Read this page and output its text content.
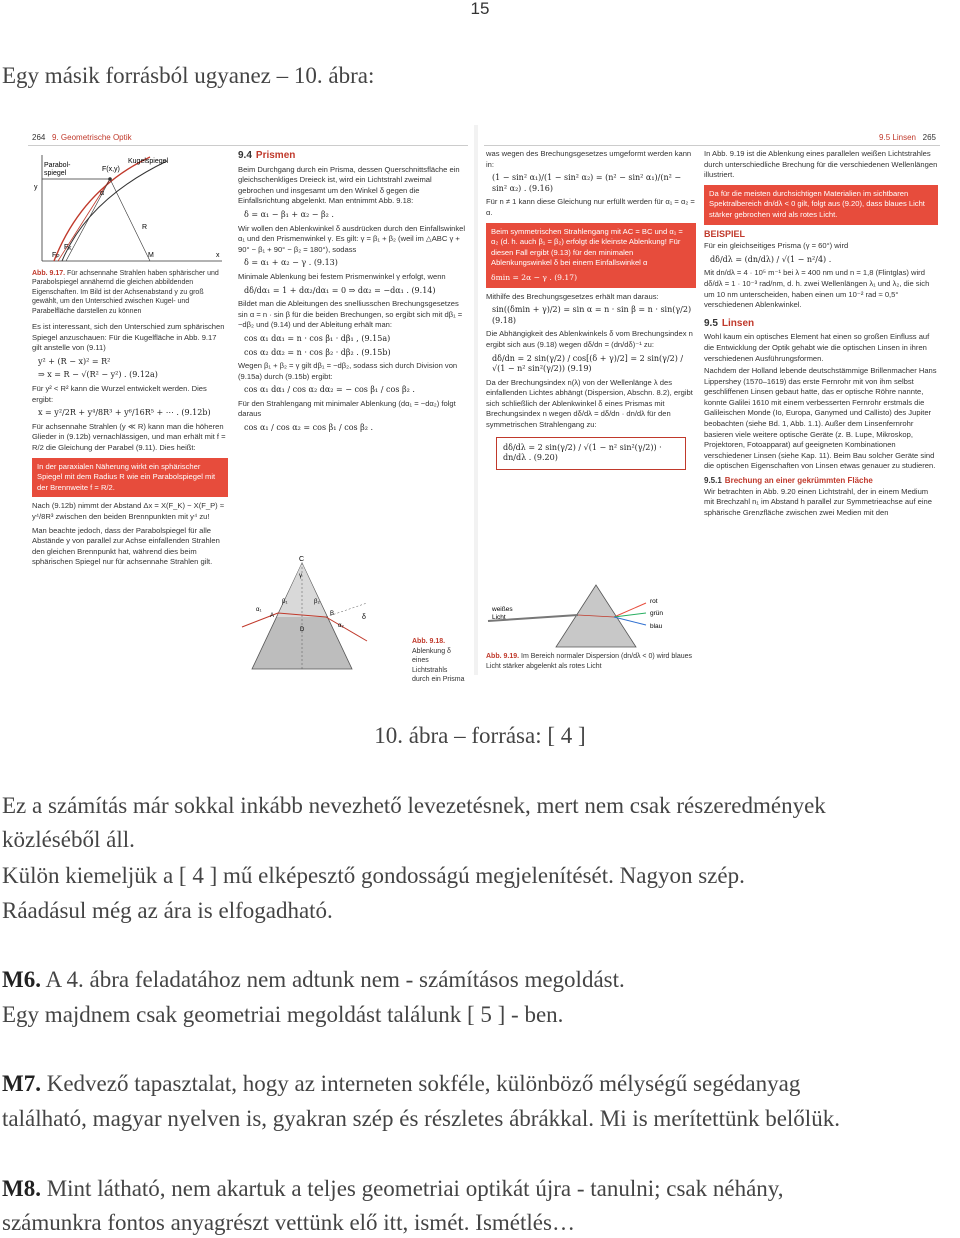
15
Egy másik forrásból ugyanez – 10. ábra:
264 9. Geometrische Optik
Parabol-
spiegel
Kugelspiegel
F(x,y)
y
x
α
R
M
FP
FK
Abb. 9.17. Für achsennahe Strahlen haben sphärischer und Parabolspiegel annähernd die gleichen abbildenden Eigenschaften. Im Bild ist der Achsenabstand y zu groß gewählt, um den Unterschied zwischen Kugel- und Parabelfläche darstellen zu können
Es ist interessant, sich den Unterschied zum sphärischen Spiegel anzuschauen: Für die Kugelfläche in Abb. 9.17 gilt anstelle von (9.11)
y² + (R − x)² = R²
⇒ x = R − √(R² − y²) . (9.12a)
Für y² < R² kann die Wurzel entwickelt werden. Dies ergibt:
x = y²/2R + y⁴/8R³ + y⁶/16R⁵ + ⋯ . (9.12b)
Für achsennahe Strahlen (y ≪ R) kann man die höheren Glieder in (9.12b) vernachlässigen, und man erhält mit f = R/2 die Gleichung der Parabel (9.11). Dies heißt:
In der paraxialen Näherung wirkt ein sphärischer Spiegel mit dem Radius R wie ein Parabolspiegel mit der Brennweite f = R/2.
Nach (9.12b) nimmt der Abstand Δx = X(F_K) − X(F_P) ≈ y⁴/8R³ zwischen den beiden Brennpunkten mit y⁴ zu!
Man beachte jedoch, dass der Parabolspiegel für alle Abstände y von parallel zur Achse einfallenden Strahlen den gleichen Brennpunkt hat, während dies beim sphärischen Spiegel nur für achsennahe Strahlen gilt.
9.4 Prismen
Beim Durchgang durch ein Prisma, dessen Querschnittsfläche ein gleichschenkliges Dreieck ist, wird ein Lichtstrahl zweimal gebrochen und insgesamt um den Winkel δ gegen die Einfallsrichtung abgelenkt. Man entnimmt Abb. 9.18:
δ = α₁ − β₁ + α₂ − β₂ .
Wir wollen den Ablenkwinkel δ ausdrücken durch den Einfallswinkel α₁ und den Prismenwinkel γ. Es gilt: γ = β₁ + β₂ (weil im △ABC γ + 90° − β₁ + 90° − β₂ = 180°), sodass
δ = α₁ + α₂ − γ . (9.13)
Minimale Ablenkung bei festem Prismenwinkel γ erfolgt, wenn
dδ/dα₁ = 1 + dα₂/dα₁ = 0 ⇒ dα₂ = −dα₁ . (9.14)
Bildet man die Ableitungen des snelliusschen Brechungsgesetzes sin α = n · sin β für die beiden Brechungen, so ergibt sich mit dβ₁ = −dβ₂ und (9.14) und der Ableitung erhält man:
cos α₁ dα₁ = n · cos β₁ · dβ₁ , (9.15a)
cos α₂ dα₂ = n · cos β₂ · dβ₂ . (9.15b)
Wegen β₁ + β₂ = γ gilt dβ₁ = −dβ₂, sodass sich durch Division von (9.15a) durch (9.15b) ergibt:
cos α₁ dα₁ / cos α₂ dα₂ = − cos β₁ / cos β₂ .
Für den Strahlengang mit minimaler Ablenkung (dα₁ = −dα₂) folgt daraus
cos α₁ / cos α₂ = cos β₁ / cos β₂ .
C
γ
A	B
D
δ
α₁
α₂
β₁	β₂
Abb. 9.18. Ablenkung δ eines Lichtstrahls durch ein Prisma
9.5 Linsen 265
was wegen des Brechungsgesetzes umgeformt werden kann in:
(1 − sin² α₁)/(1 − sin² α₂) = (n² − sin² α₁)/(n² − sin² α₂) . (9.16)
Für n ≠ 1 kann diese Gleichung nur erfüllt werden für α₁ = α₂ = α.
Beim symmetrischen Strahlengang mit AC = BC und α₁ = α₂ (d. h. auch β₁ = β₂) erfolgt die kleinste Ablenkung! Für diesen Fall ergibt (9.13) für den minimalen Ablenkungswinkel δ bei einem Einfallswinkel α
δmin = 2α − γ . (9.17)
Mithilfe des Brechungsgesetzes erhält man daraus:
sin((δmin + γ)/2) = sin α = n · sin β = n · sin(γ/2) (9.18)
Die Abhängigkeit des Ablenkwinkels δ vom Brechungsindex n ergibt sich aus (9.18) wegen dδ/dn = (dn/dδ)⁻¹ zu:
dδ/dn = 2 sin(γ/2) / cos[(δ + γ)/2] = 2 sin(γ/2) / √(1 − n² sin²(γ/2)) (9.19)
Da der Brechungsindex n(λ) von der Wellenlänge λ des einfallenden Lichtes abhängt (Dispersion, Abschn. 8.2), ergibt sich schließlich der Ablenkwinkel δ eines Prismas mit Brechungsindex n wegen dδ/dλ = dδ/dn · dn/dλ für den symmetrischen Strahlengang zu:
dδ/dλ = 2 sin(γ/2) / √(1 − n² sin²(γ/2)) · dn/dλ . (9.20)
weißes
Licht
rot
grün
blau
Abb. 9.19. Im Bereich normaler Dispersion (dn/dλ < 0) wird blaues Licht stärker abgelenkt als rotes Licht
In Abb. 9.19 ist die Ablenkung eines parallelen weißen Lichtstrahles durch unterschiedliche Brechung für die verschiedenen Wellenlängen illustriert.
Da für die meisten durchsichtigen Materialien im sichtbaren Spektralbereich dn/dλ < 0 gilt, folgt aus (9.20), dass blaues Licht stärker gebrochen wird als rotes Licht.
BEISPIEL
Für ein gleichseitiges Prisma (γ = 60°) wird
dδ/dλ = (dn/dλ) / √(1 − n²/4) .
Mit dn/dλ = 4 · 10⁵ m⁻¹ bei λ = 400 nm und n = 1,8 (Flintglas) wird dδ/dλ = 1 · 10⁻³ rad/nm, d. h. zwei Wellenlängen λ₁ und λ₂, die sich um 10 nm unterscheiden, haben einen um 10⁻² rad ≈ 0,5° verschiedenen Ablenkwinkel.
9.5 Linsen
Wohl kaum ein optisches Element hat einen so großen Einfluss auf die Entwicklung der Optik gehabt wie die optischen Linsen in ihren verschiedenen Ausführungsformen.
Nachdem der Holland lebende deutschstämmige Brillenmacher Hans Lippershey (1570–1619) das erste Fernrohr mit von ihm selbst geschliffenen Linsen gebaut hatte, das er optische Röhre nannte, konnte Galilei 1610 mit einem verbesserten Fernrohr erstmals die Galileischen Monde (Io, Europa, Ganymed und Callisto) des Jupiter beobachten (siehe Bd. 1, Abb. 1.1). Außer dem Linsenfernrohr basieren viele weitere optische Geräte (z. B. Lupe, Mikroskop, Projektoren, Fotoapparat) auf geeigneten Kombinationen verschiedener Linsen (siehe Kap. 11). Beim Bau solcher Geräte sind die optischen Eigenschaften von Linsen etwas genauer zu studieren.
9.5.1 Brechung an einer gekrümmten Fläche
Wir betrachten in Abb. 9.20 einen Lichtstrahl, der in einem Medium mit Brechzahl n₁ im Abstand h parallel zur Symmetrieachse auf eine sphärische Grenzfläche zwischen zwei Medien mit den
10. ábra – forrása: [ 4 ]
Ez a számítás már sokkal inkább nevezhető levezetésnek, mert nem csak részeredmények
közléséből áll.
Külön kiemeljük a [ 4 ] mű elképesztő gondosságú megjelenítését. Nagyon szép.
Ráadásul még az ára is elfogadható.
M6. A 4. ábra feladatához nem adtunk nem - számításos megoldást.
Egy majdnem csak geometriai megoldást találunk [ 5 ] - ben.
M7. Kedvező tapasztalat, hogy az interneten sokféle, különböző mélységű segédanyag
található, magyar nyelven is, gyakran szép és részletes ábrákkal. Mi is merítettünk belőlük.
M8. Mint látható, nem akartuk a teljes geometriai optikát újra - tanulni; csak néhány,
számunkra fontos anyagrészt vettünk elő itt, ismét. Ismétlés…
